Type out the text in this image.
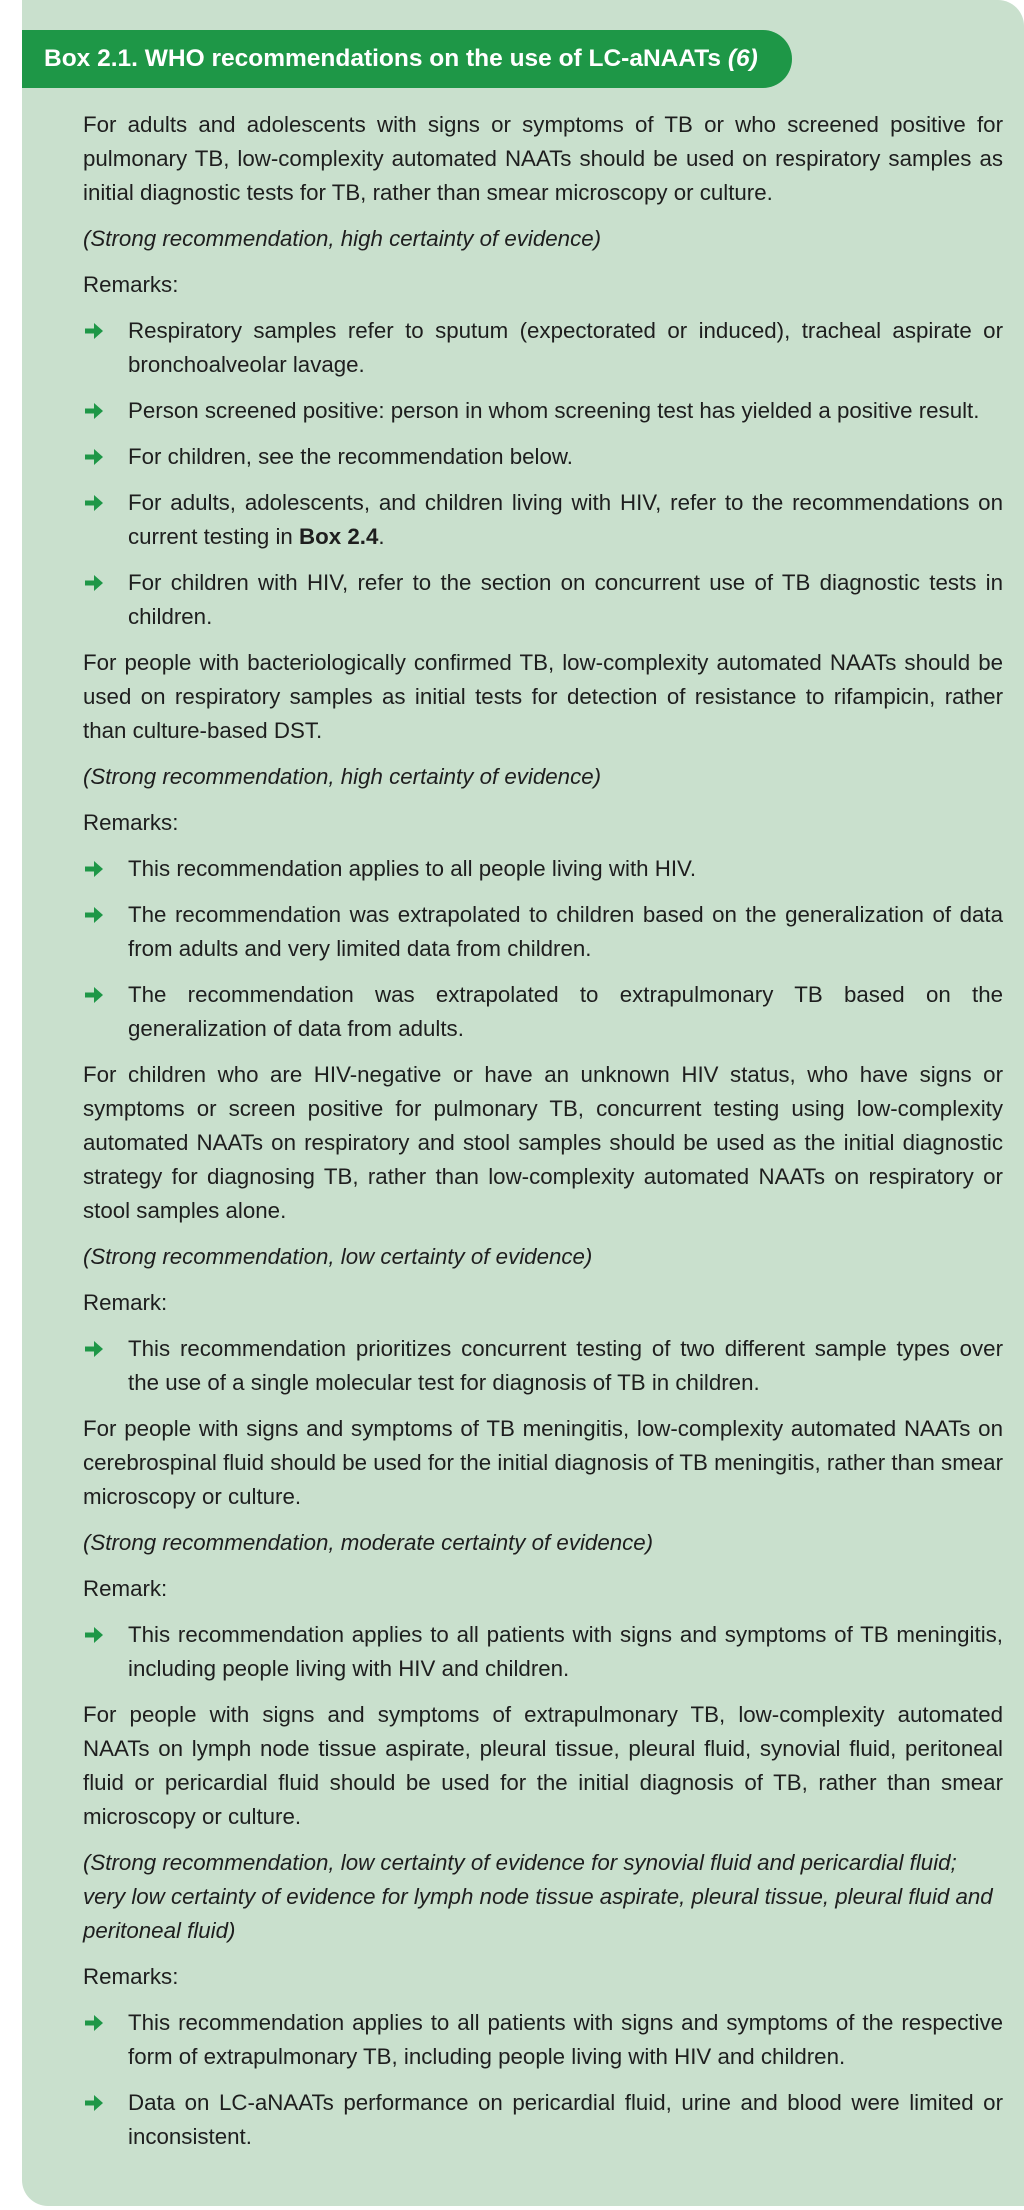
Box 2.1. WHO recommendations on the use of LC-aNAATs (6)

For adults and adolescents with signs or symptoms of TB or who screened positive for pulmonary TB, low-complexity automated NAATs should be used on respiratory samples as initial diagnostic tests for TB, rather than smear microscopy or culture.

(Strong recommendation, high certainty of evidence)

Remarks:

Respiratory samples refer to sputum (expectorated or induced), tracheal aspirate or bronchoalveolar lavage.
Person screened positive: person in whom screening test has yielded a positive result.
For children, see the recommendation below.
For adults, adolescents, and children living with HIV, refer to the recommendations on current testing in Box 2.4.
For children with HIV, refer to the section on concurrent use of TB diagnostic tests in children.

For people with bacteriologically confirmed TB, low-complexity automated NAATs should be used on respiratory samples as initial tests for detection of resistance to rifampicin, rather than culture-based DST.

(Strong recommendation, high certainty of evidence)

Remarks:

This recommendation applies to all people living with HIV.
The recommendation was extrapolated to children based on the generalization of data from adults and very limited data from children.
The recommendation was extrapolated to extrapulmonary TB based on the generalization of data from adults.

For children who are HIV-negative or have an unknown HIV status, who have signs or symptoms or screen positive for pulmonary TB, concurrent testing using low-complexity automated NAATs on respiratory and stool samples should be used as the initial diagnostic strategy for diagnosing TB, rather than low-complexity automated NAATs on respiratory or stool samples alone.

(Strong recommendation, low certainty of evidence)

Remark:

This recommendation prioritizes concurrent testing of two different sample types over the use of a single molecular test for diagnosis of TB in children.

For people with signs and symptoms of TB meningitis, low-complexity automated NAATs on cerebrospinal fluid should be used for the initial diagnosis of TB meningitis, rather than smear microscopy or culture.

(Strong recommendation, moderate certainty of evidence)

Remark:

This recommendation applies to all patients with signs and symptoms of TB meningitis, including people living with HIV and children.

For people with signs and symptoms of extrapulmonary TB, low-complexity automated NAATs on lymph node tissue aspirate, pleural tissue, pleural fluid, synovial fluid, peritoneal fluid or pericardial fluid should be used for the initial diagnosis of TB, rather than smear microscopy or culture.

(Strong recommendation, low certainty of evidence for synovial fluid and pericardial fluid; very low certainty of evidence for lymph node tissue aspirate, pleural tissue, pleural fluid and peritoneal fluid)

Remarks:

This recommendation applies to all patients with signs and symptoms of the respective form of extrapulmonary TB, including people living with HIV and children.
Data on LC-aNAATs performance on pericardial fluid, urine and blood were limited or inconsistent.
